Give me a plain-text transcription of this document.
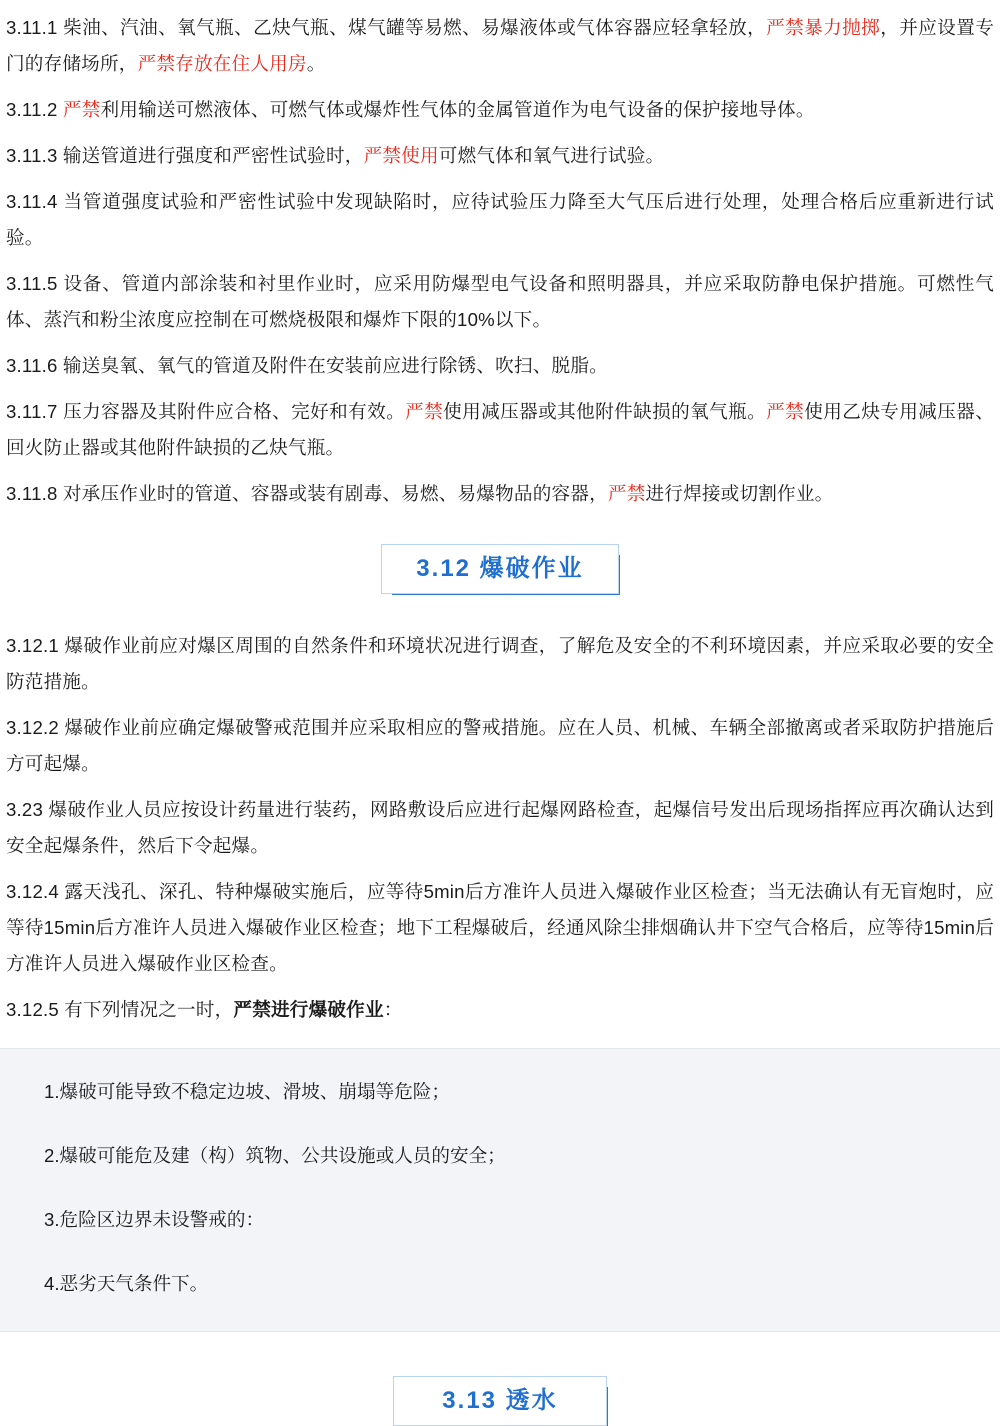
3.11.1 柴油、汽油、氧气瓶、乙炔气瓶、煤气罐等易燃、易爆液体或气体容器应轻拿轻放，严禁暴力抛掷，并应设置专门的存储场所，严禁存放在住人用房。

3.11.2 严禁利用输送可燃液体、可燃气体或爆炸性气体的金属管道作为电气设备的保护接地导体。

3.11.3 输送管道进行强度和严密性试验时，严禁使用可燃气体和氧气进行试验。

3.11.4 当管道强度试验和严密性试验中发现缺陷时，应待试验压力降至大气压后进行处理，处理合格后应重新进行试验。

3.11.5 设备、管道内部涂装和衬里作业时，应采用防爆型电气设备和照明器具，并应采取防静电保护措施。可燃性气体、蒸汽和粉尘浓度应控制在可燃烧极限和爆炸下限的10%以下。

3.11.6 输送臭氧、氧气的管道及附件在安装前应进行除锈、吹扫、脱脂。

3.11.7 压力容器及其附件应合格、完好和有效。严禁使用减压器或其他附件缺损的氧气瓶。严禁使用乙炔专用减压器、回火防止器或其他附件缺损的乙炔气瓶。

3.11.8 对承压作业时的管道、容器或装有剧毒、易燃、易爆物品的容器，严禁进行焊接或切割作业。

3.12 爆破作业

3.12.1 爆破作业前应对爆区周围的自然条件和环境状况进行调查，了解危及安全的不利环境因素，并应采取必要的安全防范措施。

3.12.2 爆破作业前应确定爆破警戒范围并应采取相应的警戒措施。应在人员、机械、车辆全部撤离或者采取防护措施后方可起爆。

3.23 爆破作业人员应按设计药量进行装药，网路敷设后应进行起爆网路检查，起爆信号发出后现场指挥应再次确认达到安全起爆条件，然后下令起爆。

3.12.4 露天浅孔、深孔、特种爆破实施后，应等待5min后方准许人员进入爆破作业区检查；当无法确认有无盲炮时，应等待15min后方准许人员进入爆破作业区检查；地下工程爆破后，经通风除尘排烟确认井下空气合格后，应等待15min后方准许人员进入爆破作业区检查。

3.12.5 有下列情况之一时，严禁进行爆破作业：

1.爆破可能导致不稳定边坡、滑坡、崩塌等危险；
2.爆破可能危及建（构）筑物、公共设施或人员的安全；
3.危险区边界未设警戒的：
4.恶劣天气条件下。
3.13 透水
